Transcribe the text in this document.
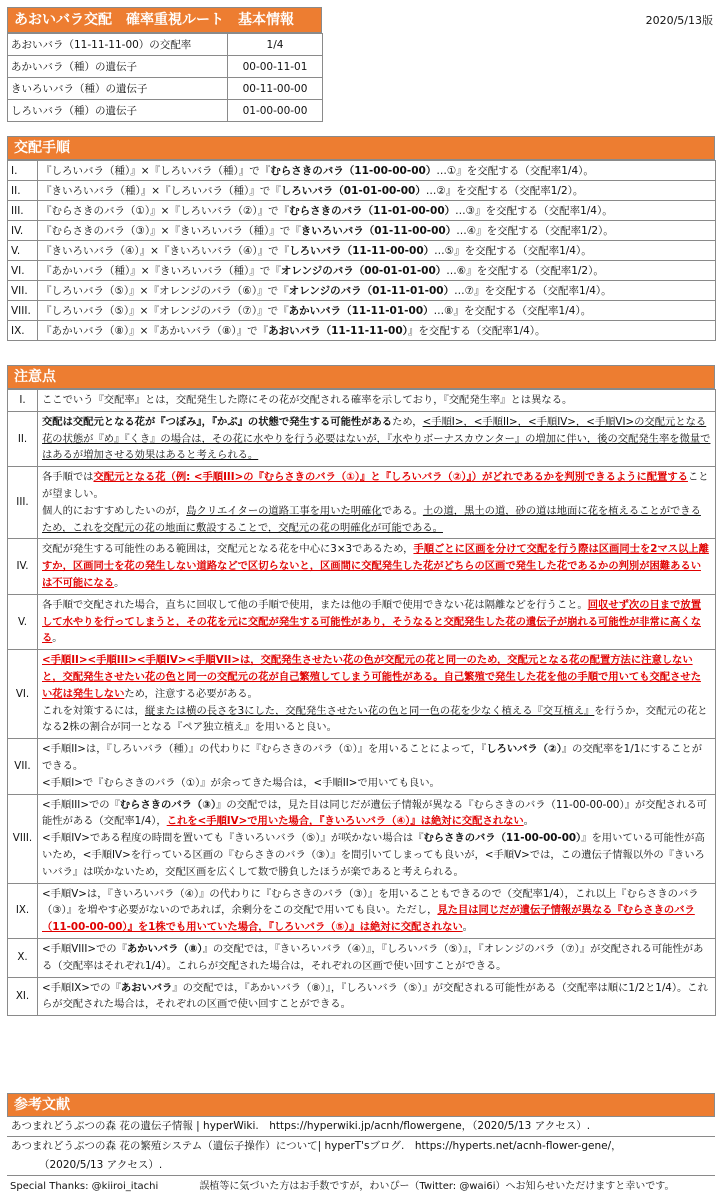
あおいバラ交配　確率重視ルート　基本情報	2020/5/13版
あおいバラ（11-11-11-00）の交配率	1/4
あかいバラ（種）の遺伝子	00-00-11-01
きいろいバラ（種）の遺伝子	00-11-00-00
しろいバラ（種）の遺伝子	01-00-00-00
交配手順
I.	『しろいバラ（種）』×『しろいバラ（種）』で『むらさきのバラ（11-00-00-00）…①』を交配する（交配率1/4）。
II.	『きいろいバラ（種）』×『しろいバラ（種）』で『しろいバラ（01-01-00-00）…②』を交配する（交配率1/2）。
III.	『むらさきのバラ（①）』×『しろいバラ（②）』で『むらさきのバラ（11-01-00-00）…③』を交配する（交配率1/4）。
IV.	『むらさきのバラ（③）』×『きいろいバラ（種）』で『きいろいバラ（01-11-00-00）…④』を交配する（交配率1/2）。
V.	『きいろいバラ（④）』×『きいろいバラ（④）』で『しろいバラ（11-11-00-00）…⑤』を交配する（交配率1/4）。
VI.	『あかいバラ（種）』×『きいろいバラ（種）』で『オレンジのバラ（00-01-01-00）…⑥』を交配する（交配率1/2）。
VII.	『しろいバラ（⑤）』×『オレンジのバラ（⑥）』で『オレンジのバラ（01-11-01-00）…⑦』を交配する（交配率1/4）。
VIII.	『しろいバラ（⑤）』×『オレンジのバラ（⑦）』で『あかいバラ（11-11-01-00）…⑧』を交配する（交配率1/4）。
IX.	『あかいバラ（⑧）』×『あかいバラ（⑧）』で『あおいバラ（11-11-11-00）』を交配する（交配率1/4）。
注意点
I.	ここでいう『交配率』とは，交配発生した際にその花が交配される確率を示しており，『交配発生率』とは異なる。
II.	交配は交配元となる花が『つぼみ』，『かぶ』の状態で発生する可能性があるため，<手順I>，<手順II>，<手順IV>，<手順VI>の交配元となる花の状態が『め』『くき』の場合は，その花に水やりを行う必要はないが，『水やりボーナスカウンター』の増加に伴い，後の交配発生率を微量ではあるが増加させる効果はあると考えられる。
III.	各手順では交配元となる花（例: <手順III>の『むらさきのバラ（①）』と『しろいバラ（②）』）がどれであるかを判別できるように配置することが望ましい。
個人的におすすめしたいのが，島クリエイターの道路工事を用いた明確化である。土の道，黒土の道，砂の道は地面に花を植えることができるため，これを交配元の花の地面に敷設することで，交配元の花の明確化が可能である。
IV.	交配が発生する可能性のある範囲は，交配元となる花を中心に3×3であるため，手順ごとに区画を分けて交配を行う際は区画同士を2マス以上離すか，区画同士を花の発生しない道路などで区切らないと，区画間に交配発生した花がどちらの区画で発生した花であるかの判別が困難あるいは不可能になる。
V.	各手順で交配された場合，直ちに回収して他の手順で使用，または他の手順で使用できない花は隔離などを行うこと。回収せず次の日まで放置して水やりを行ってしまうと，その花を元に交配が発生する可能性があり，そうなると交配発生した花の遺伝子が崩れる可能性が非常に高くなる。
VI.	<手順II><手順III><手順IV><手順VII>は，交配発生させたい花の色が交配元の花と同一のため，交配元となる花の配置方法に注意しないと，交配発生させたい花の色と同一の交配元の花が自己繁殖してしまう可能性がある。自己繁殖で発生した花を他の手順で用いても交配させたい花は発生しないため，注意する必要がある。
これを対策するには，縦または横の長さを3にした，交配発生させたい花の色と同一色の花を少なく植える『交互植え』を行うか，交配元の花となる2株の割合が同一となる『ペア独立植え』を用いると良い。
VII.	<手順II>は，『しろいバラ（種）』の代わりに『むらさきのバラ（①）』を用いることによって，『しろいバラ（②）』の交配率を1/1にすることができる。
<手順I>で『むらさきのバラ（①）』が余ってきた場合は，<手順II>で用いても良い。
VIII.	<手順III>での『むらさきのバラ（③）』の交配では，見た目は同じだが遺伝子情報が異なる『むらさきのバラ（11-00-00-00）』が交配される可能性がある（交配率1/4），これを<手順IV>で用いた場合，『きいろいバラ（④）』は絶対に交配されない。
<手順IV>である程度の時間を置いても『きいろいバラ（⑤）』が咲かない場合は『むらさきのバラ（11-00-00-00）』を用いている可能性が高いため，<手順IV>を行っている区画の『むらさきのバラ（③）』を間引いてしまっても良いが，<手順V>では，この遺伝子情報以外の『きいろいバラ』は咲かないため，交配区画を広くして数で勝負したほうが楽であると考えられる。
IX.	<手順V>は，『きいろいバラ（④）』の代わりに『むらさきのバラ（③）』を用いることもできるので（交配率1/4），これ以上『むらさきのバラ（③）』を増やす必要がないのであれば，余剰分をこの交配で用いても良い。ただし，見た目は同じだが遺伝子情報が異なる『むらさきのバラ（11-00-00-00）』を1株でも用いていた場合，『しろいバラ（⑤）』は絶対に交配されない。
X.	<手順VIII>での『あかいバラ（⑧）』の交配では，『きいろいバラ（④）』，『しろいバラ（⑤）』，『オレンジのバラ（⑦）』が交配される可能性がある（交配率はそれぞれ1/4）。これらが交配された場合は，それぞれの区画で使い回すことができる。
XI.	<手順IX>での『あおいバラ』の交配では，『あかいバラ（⑧）』，『しろいバラ（⑤）』が交配される可能性がある（交配率は順に1/2と1/4）。これらが交配された場合は，それぞれの区画で使い回すことができる。
参考文献
あつまれどうぶつの森 花の遺伝子情報 | hyperWiki.　https://hyperwiki.jp/acnh/flowergene，（2020/5/13 アクセス）.
あつまれどうぶつの森 花の繁殖システム（遺伝子操作）について| hyperT'sブログ.　https://hyperts.net/acnh-flower-gene/，
（2020/5/13 アクセス）.
Special Thanks: @kiiroi_itachi	誤植等に気づいた方はお手数ですが，わいぴー（Twitter: @wai6i）へお知らせいただけますと幸いです。
